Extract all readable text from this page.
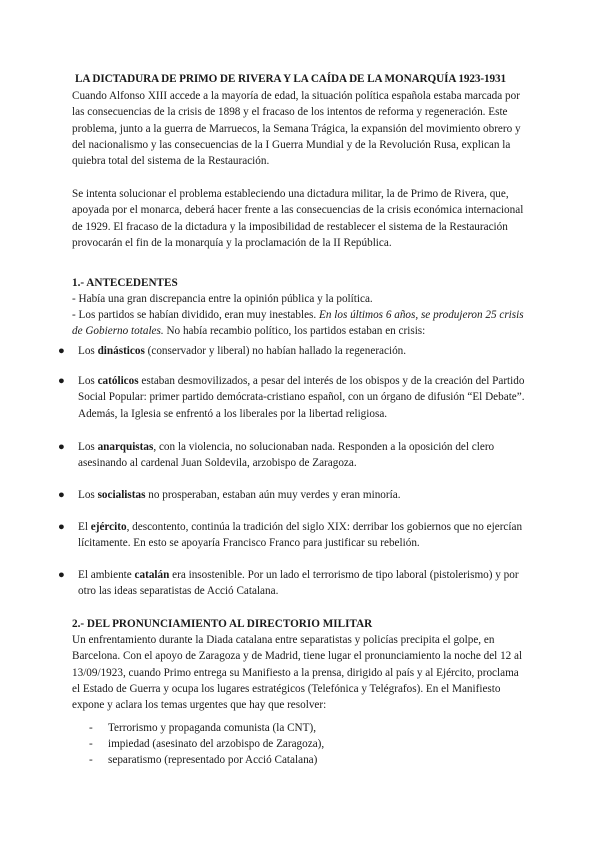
LA DICTADURA DE PRIMO DE RIVERA Y LA CAÍDA DE LA MONARQUÍA 1923-1931
Cuando Alfonso XIII accede a la mayoría de edad, la situación política española estaba marcada por las consecuencias de la crisis de 1898 y el fracaso de los intentos de reforma y regeneración. Este problema, junto a la guerra de Marruecos, la Semana Trágica, la expansión del movimiento obrero y del nacionalismo y las consecuencias de la I Guerra Mundial y de la Revolución Rusa, explican la quiebra total del sistema de la Restauración.
Se intenta solucionar el problema estableciendo una dictadura militar, la de Primo de Rivera, que, apoyada por el monarca, deberá hacer frente a las consecuencias de la crisis económica internacional de 1929. El fracaso de la dictadura y la imposibilidad de restablecer el sistema de la Restauración provocarán el fin de la monarquía y la proclamación de la II República.
1.- ANTECEDENTES
- Había una gran discrepancia entre la opinión pública y la política.
- Los partidos se habían dividido, eran muy inestables. En los últimos 6 años, se produjeron 25 crisis de Gobierno totales. No había recambio político, los partidos estaban en crisis:
●	Los dinásticos (conservador y liberal) no habían hallado la regeneración.
●	Los católicos estaban desmovilizados, a pesar del interés de los obispos y de la creación del Partido Social Popular: primer partido demócrata-cristiano español, con un órgano de difusión “El Debate”. Además, la Iglesia se enfrentó a los liberales por la libertad religiosa.
●	Los anarquistas, con la violencia, no solucionaban nada. Responden a la oposición del clero asesinando al cardenal Juan Soldevila, arzobispo de Zaragoza.
●	Los socialistas no prosperaban, estaban aún muy verdes y eran minoría.
●	El ejército, descontento, continúa la tradición del siglo XIX: derribar los gobiernos que no ejercían lícitamente. En esto se apoyaría Francisco Franco para justificar su rebelión.
●	El ambiente catalán era insostenible. Por un lado el terrorismo de tipo laboral (pistolerismo) y por otro las ideas separatistas de Acció Catalana.
2.- DEL PRONUNCIAMIENTO AL DIRECTORIO MILITAR
Un enfrentamiento durante la Diada catalana entre separatistas y policías precipita el golpe, en Barcelona. Con el apoyo de Zaragoza y de Madrid, tiene lugar el pronunciamiento la noche del 12 al 13/09/1923, cuando Primo entrega su Manifiesto a la prensa, dirigido al país y al Ejército, proclama el Estado de Guerra y ocupa los lugares estratégicos (Telefónica y Telégrafos). En el Manifiesto expone y aclara los temas urgentes que hay que resolver:
- Terrorismo y propaganda comunista (la CNT),
- impiedad (asesinato del arzobispo de Zaragoza),
- separatismo (representado por Acció Catalana)
